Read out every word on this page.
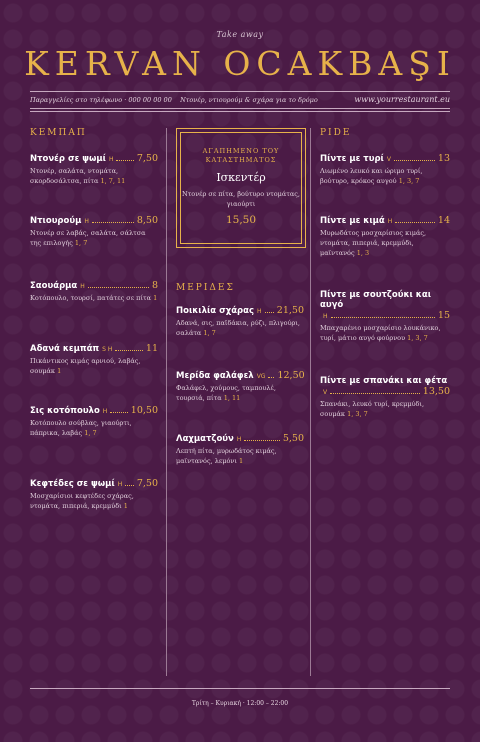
Take away
KERVAN OCAKBAŞI
Παραγγελίες στο τηλέφωνο · 000 00 00 00 Ντονέρ, ντιουρούμ & σχάρα για το δρόμο	www.yourrestaurant.eu
ΚΕΜΠΑΠ
Ντονέρ σε ψωμί H 7,50
Ντονέρ, σαλάτα, ντομάτα, σκορδοσάλτσα, πίτα 1, 7, 11
Ντιουρούμ H	8,50
Ντονέρ σε λαβάς, σαλάτα, σάλτσα της επιλογής 1, 7
Σαουάρμα H	8
Κοτόπουλο, τουρσί, πατάτες σε πίτα 1
Αδανά κεμπάπ S H	11
Πικάντικος κιμάς αρνιού, λαβάς, σουμάκ 1
Σις κοτόπουλο H 10,50
Κοτόπουλο σούβλας, γιαούρτι, πάπρικα, λαβάς 1, 7
Κεφτέδες σε ψωμί H 7,50
Μοσχαρίσιοι κεφτέδες σχάρας, ντομάτα, πιπεριά, κρεμμύδι 1
ΑΓΑΠΗΜΕΝΟ ΤΟΥ
ΚΑΤΑΣΤΗΜΑΤΟΣ
Ισκεντέρ
Ντονέρ σε πίτα, βούτυρο ντομάτας, γιαούρτι
15,50
ΜΕΡΙΔΕΣ
Ποικιλία σχάρας H 21,50
Αδανά, σις, παϊδάκια, ρύζι, πλιγούρι, σαλάτα 1, 7
Μερίδα φαλάφελ VG 12,50
Φαλάφελ, χούμους, ταμπουλέ, τουρσιά, πίτα 1, 11
Λαχματζούν H	5,50
Λεπτή πίτα, μυρωδάτος κιμάς, μαϊντανός, λεμόνι 1
PIDE
Πίντε με τυρί V	13
Λιωμένο λευκό και ώριμο τυρί, βούτυρο, κρόκος αυγού 1, 3, 7
Πίντε με κιμά H	14
Μυρωδάτος μοσχαρίσιος κιμάς, ντομάτα, πιπεριά, κρεμμύδι, μαϊντανός 1, 3
Πίντε με σουτζούκι και αυγό
H	15
Μπαχαρένιο μοσχαρίσιο λουκάνικο, τυρί, μάτιο αυγό φούρνου 1, 3, 7
Πίντε με σπανάκι και φέτα
V	13,50
Σπανάκι, λευκό τυρί, κρεμμύδι, σουμάκ 1, 3, 7
Τρίτη – Κυριακή · 12:00 – 22:00
